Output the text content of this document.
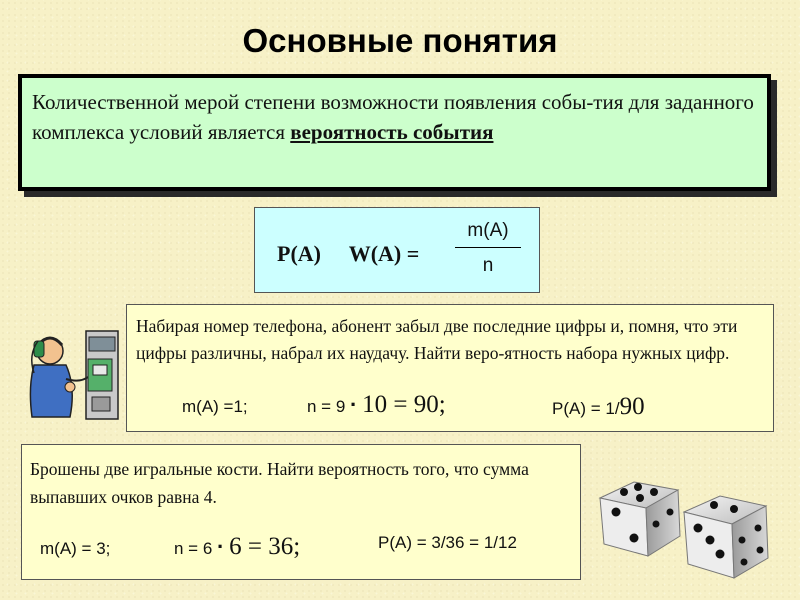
Основные понятия
Количественной мерой степени возможности появления собы-тия для заданного комплекса условий является вероятность события
P(A) ⃞ W(A) =
m(A)
n
Набирая номер телефона, абонент забыл две последние цифры и, помня, что эти цифры различны, набрал их наудачу. Найти веро-ятность набора нужных цифр.
m(A) =1;	n = 9 · 10 = 90;	P(A) = 1/90
Брошены две игральные кости. Найти вероятность того, что сумма выпавших очков равна 4.
m(A) = 3;	n = 6 · 6 = 36;	P(A) = 3/36 = 1/12
